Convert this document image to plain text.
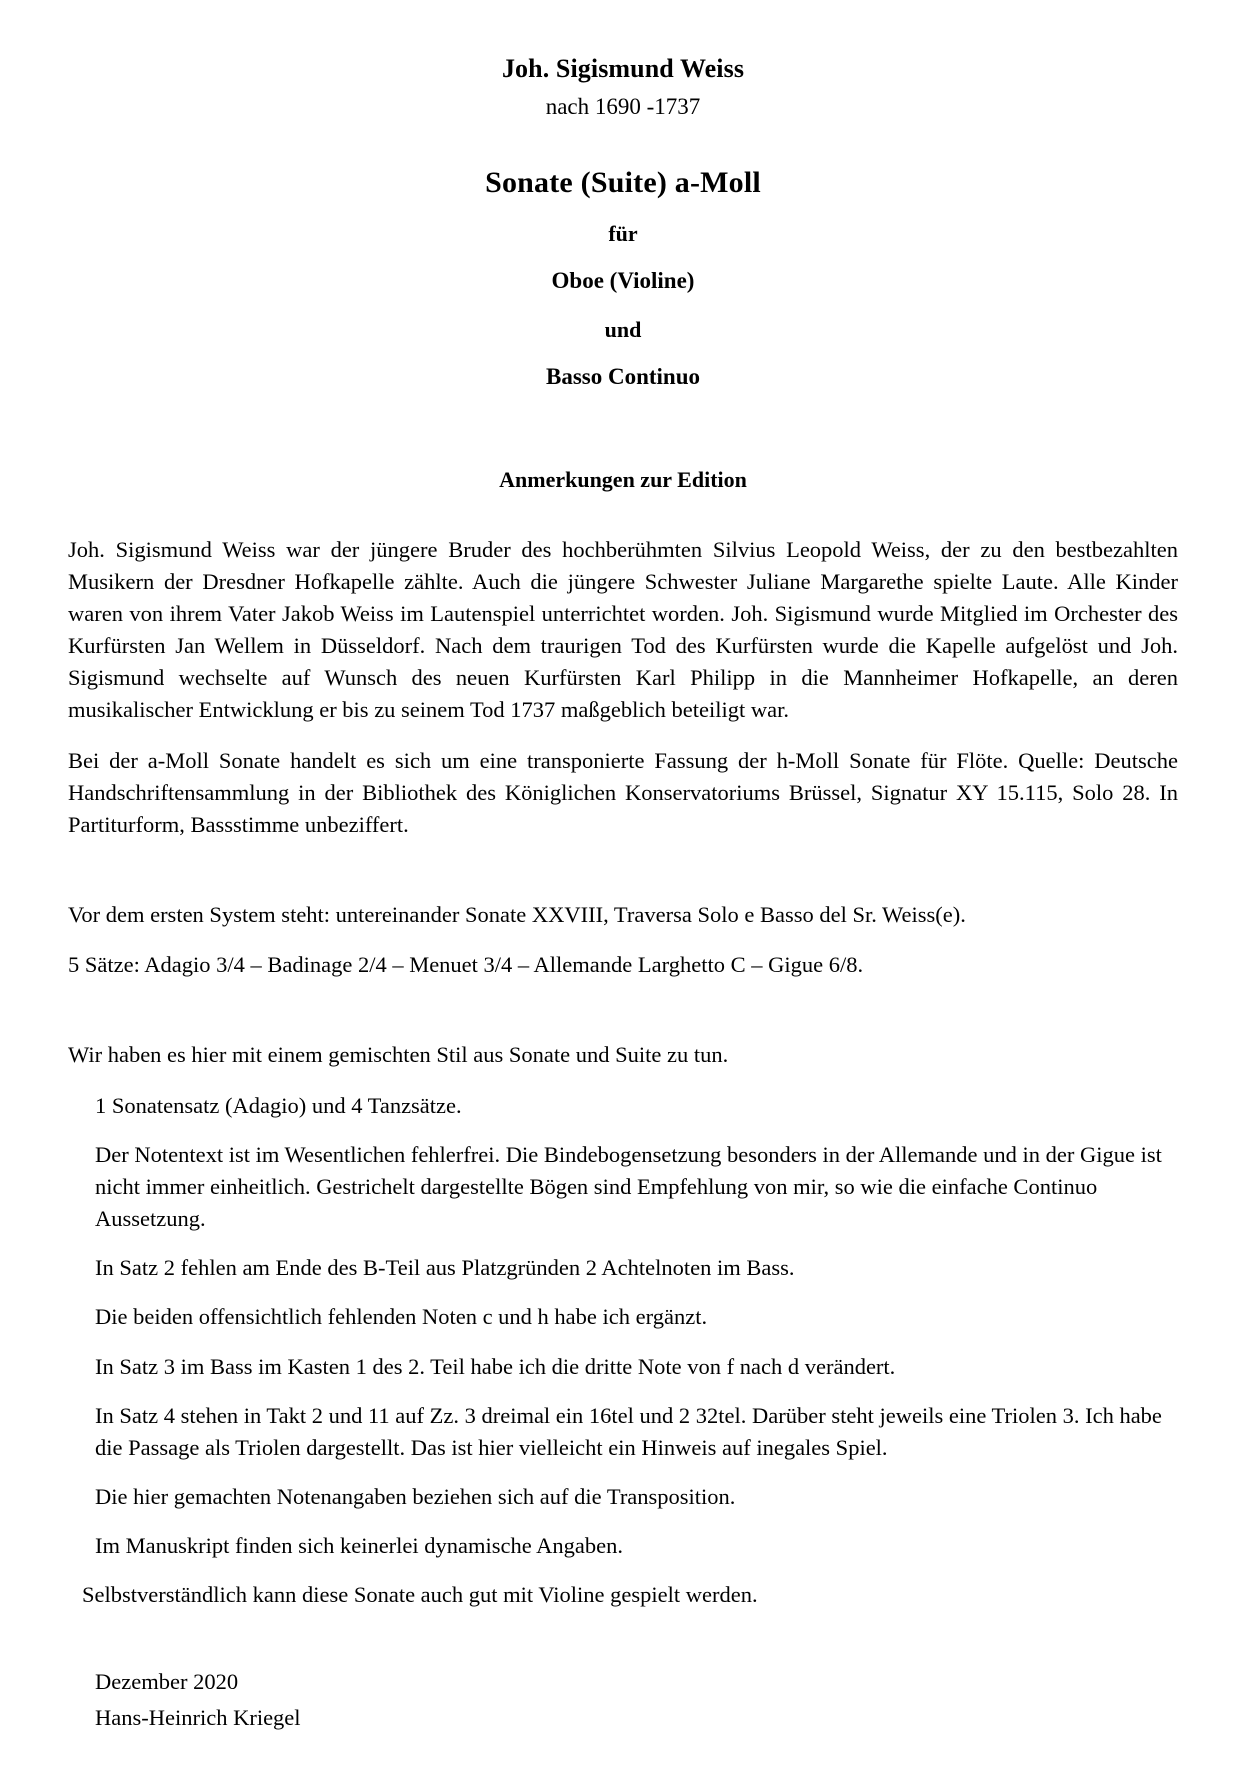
Joh. Sigismund Weiss
nach 1690 -1737
Sonate (Suite) a-Moll
für
Oboe (Violine)
und
Basso Continuo
Anmerkungen zur Edition

Joh. Sigismund Weiss war der jüngere Bruder des hochberühmten Silvius Leopold Weiss, der zu den bestbezahlten Musikern der Dresdner Hofkapelle zählte. Auch die jüngere Schwester Juliane Margarethe spielte Laute. Alle Kinder waren von ihrem Vater Jakob Weiss im Lautenspiel unterrichtet worden. Joh. Sigismund wurde Mitglied im Orchester des Kurfürsten Jan Wellem in Düsseldorf. Nach dem traurigen Tod des Kurfürsten wurde die Kapelle aufgelöst und Joh. Sigismund wechselte auf Wunsch des neuen Kurfürsten Karl Philipp in die Mannheimer Hofkapelle, an deren musikalischer Entwicklung er bis zu seinem Tod 1737 maßgeblich beteiligt war.

Bei der a-Moll Sonate handelt es sich um eine transponierte Fassung der h-Moll Sonate für Flöte. Quelle: Deutsche Handschriftensammlung in der Bibliothek des Königlichen Konservatoriums Brüssel, Signatur XY 15.115, Solo 28. In Partiturform, Bassstimme unbeziffert.

Vor dem ersten System steht: untereinander Sonate XXVIII, Traversa Solo e Basso del Sr. Weiss(e).

5 Sätze: Adagio 3/4 – Badinage 2/4 – Menuet 3/4 – Allemande Larghetto C – Gigue 6/8.

Wir haben es hier mit einem gemischten Stil aus Sonate und Suite zu tun.

1 Sonatensatz (Adagio) und 4 Tanzsätze.

Der Notentext ist im Wesentlichen fehlerfrei. Die Bindebogensetzung besonders in der Allemande und in der Gigue ist nicht immer einheitlich. Gestrichelt dargestellte Bögen sind Empfehlung von mir, so wie die einfache Continuo Aussetzung.

In Satz 2 fehlen am Ende des B-Teil aus Platzgründen 2 Achtelnoten im Bass.

Die beiden offensichtlich fehlenden Noten c und h habe ich ergänzt.

In Satz 3 im Bass im Kasten 1 des 2. Teil habe ich die dritte Note von f nach d verändert.

In Satz 4 stehen in Takt 2 und 11 auf Zz. 3 dreimal ein 16tel und 2 32tel. Darüber steht jeweils eine Triolen 3. Ich habe die Passage als Triolen dargestellt. Das ist hier vielleicht ein Hinweis auf inegales Spiel.

Die hier gemachten Notenangaben beziehen sich auf die Transposition.

Im Manuskript finden sich keinerlei dynamische Angaben.

Selbstverständlich kann diese Sonate auch gut mit Violine gespielt werden.

Dezember 2020
Hans-Heinrich Kriegel
